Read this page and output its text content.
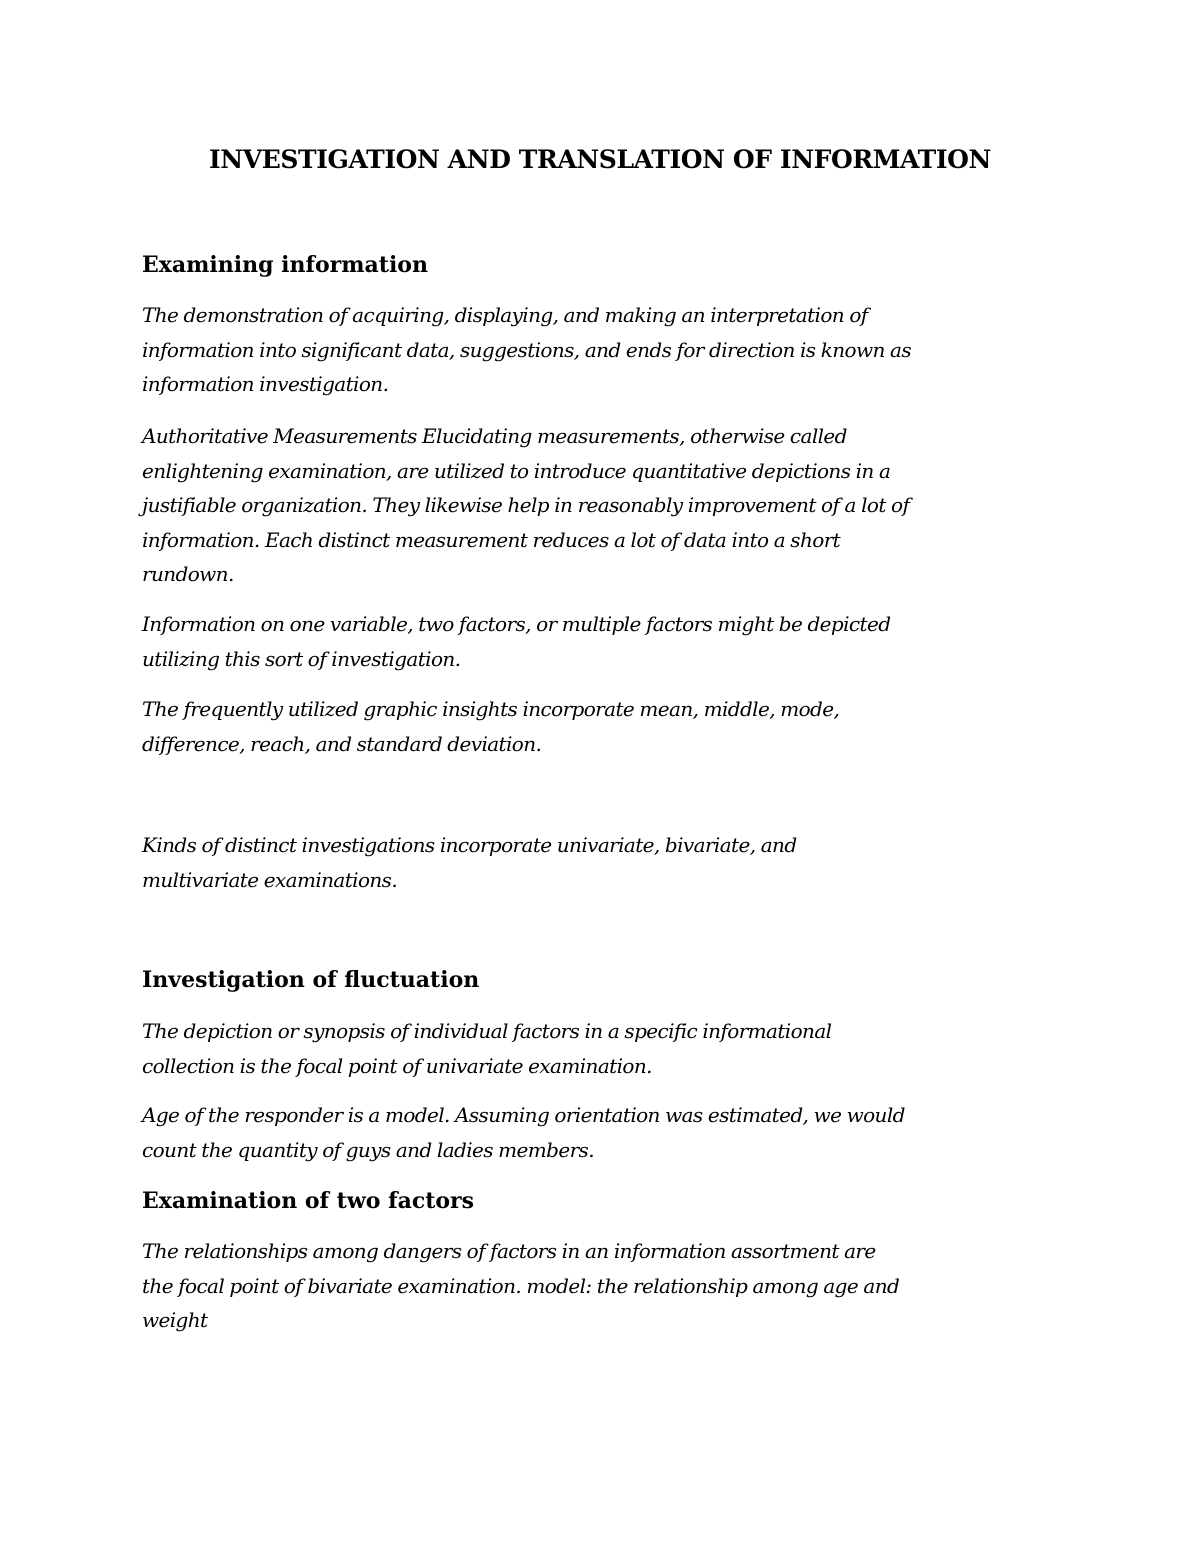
INVESTIGATION AND TRANSLATION OF INFORMATION
Examining information

The demonstration of acquiring, displaying, and making an interpretation of
information into significant data, suggestions, and ends for direction is known as
information investigation.

Authoritative Measurements Elucidating measurements, otherwise called
enlightening examination, are utilized to introduce quantitative depictions in a
justifiable organization. They likewise help in reasonably improvement of a lot of
information. Each distinct measurement reduces a lot of data into a short
rundown.

Information on one variable, two factors, or multiple factors might be depicted
utilizing this sort of investigation.

The frequently utilized graphic insights incorporate mean, middle, mode,
difference, reach, and standard deviation.

Kinds of distinct investigations incorporate univariate, bivariate, and
multivariate examinations.

Investigation of fluctuation

The depiction or synopsis of individual factors in a specific informational
collection is the focal point of univariate examination.

Age of the responder is a model. Assuming orientation was estimated, we would
count the quantity of guys and ladies members.

Examination of two factors

The relationships among dangers of factors in an information assortment are
the focal point of bivariate examination. model: the relationship among age and
weight
